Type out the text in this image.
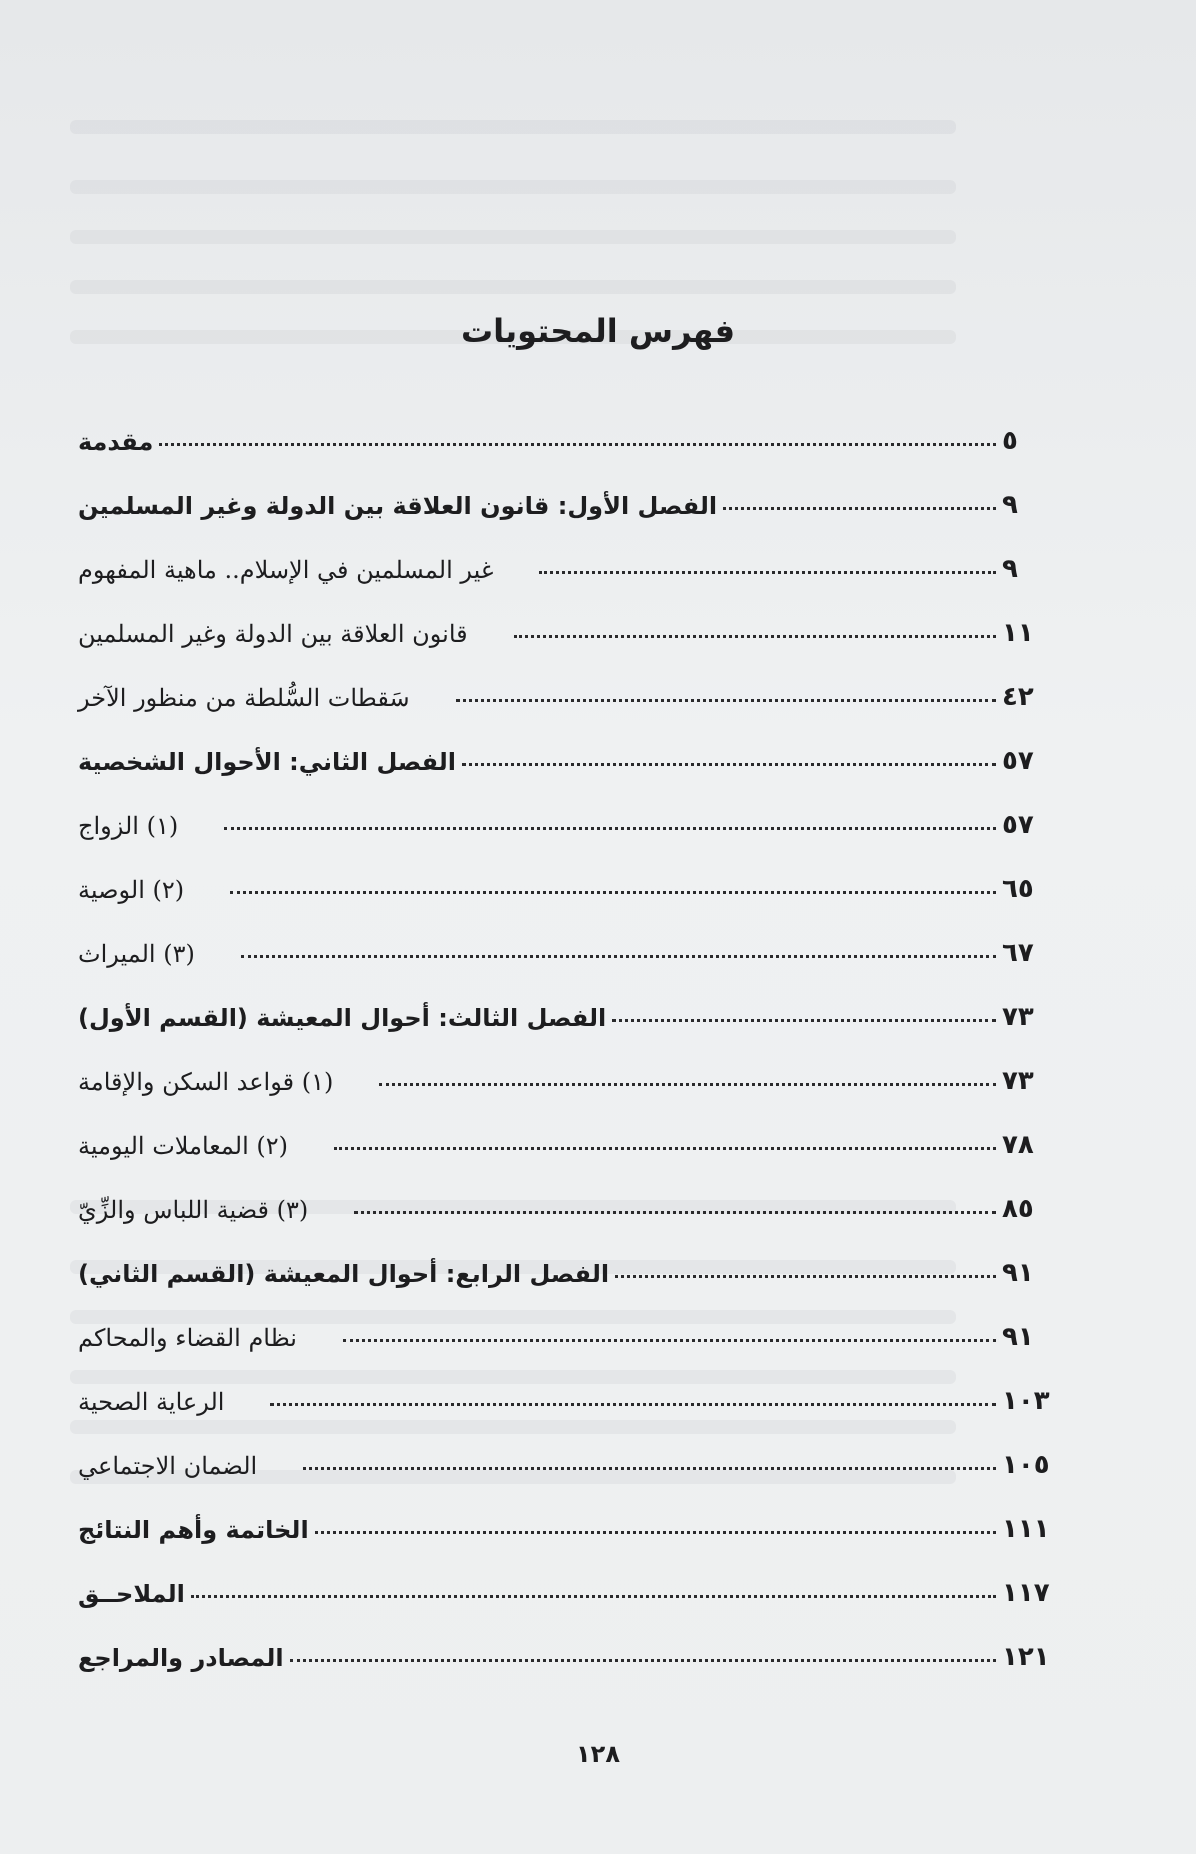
فهرس المحتويات
مقدمة	٥
الفصل الأول: قانون العلاقة بين الدولة وغير المسلمين	٩
غير المسلمين في الإسلام.. ماهية المفهوم	٩
قانون العلاقة بين الدولة وغير المسلمين	١١
سَقطات السُّلطة من منظور الآخر	٤٢
الفصل الثاني: الأحوال الشخصية	٥٧
(١) الزواج	٥٧
(٢) الوصية	٦٥
(٣) الميراث	٦٧
الفصل الثالث: أحوال المعيشة (القسم الأول)	٧٣
(١) قواعد السكن والإقامة	٧٣
(٢) المعاملات اليومية	٧٨
(٣) قضية اللباس والزِّيّ	٨٥
الفصل الرابع: أحوال المعيشة (القسم الثاني)	٩١
نظام القضاء والمحاكم	٩١
الرعاية الصحية	١٠٣
الضمان الاجتماعي	١٠٥
الخاتمة وأهم النتائج	١١١
الملاحــق	١١٧
المصادر والمراجع	١٢١
١٢٨
